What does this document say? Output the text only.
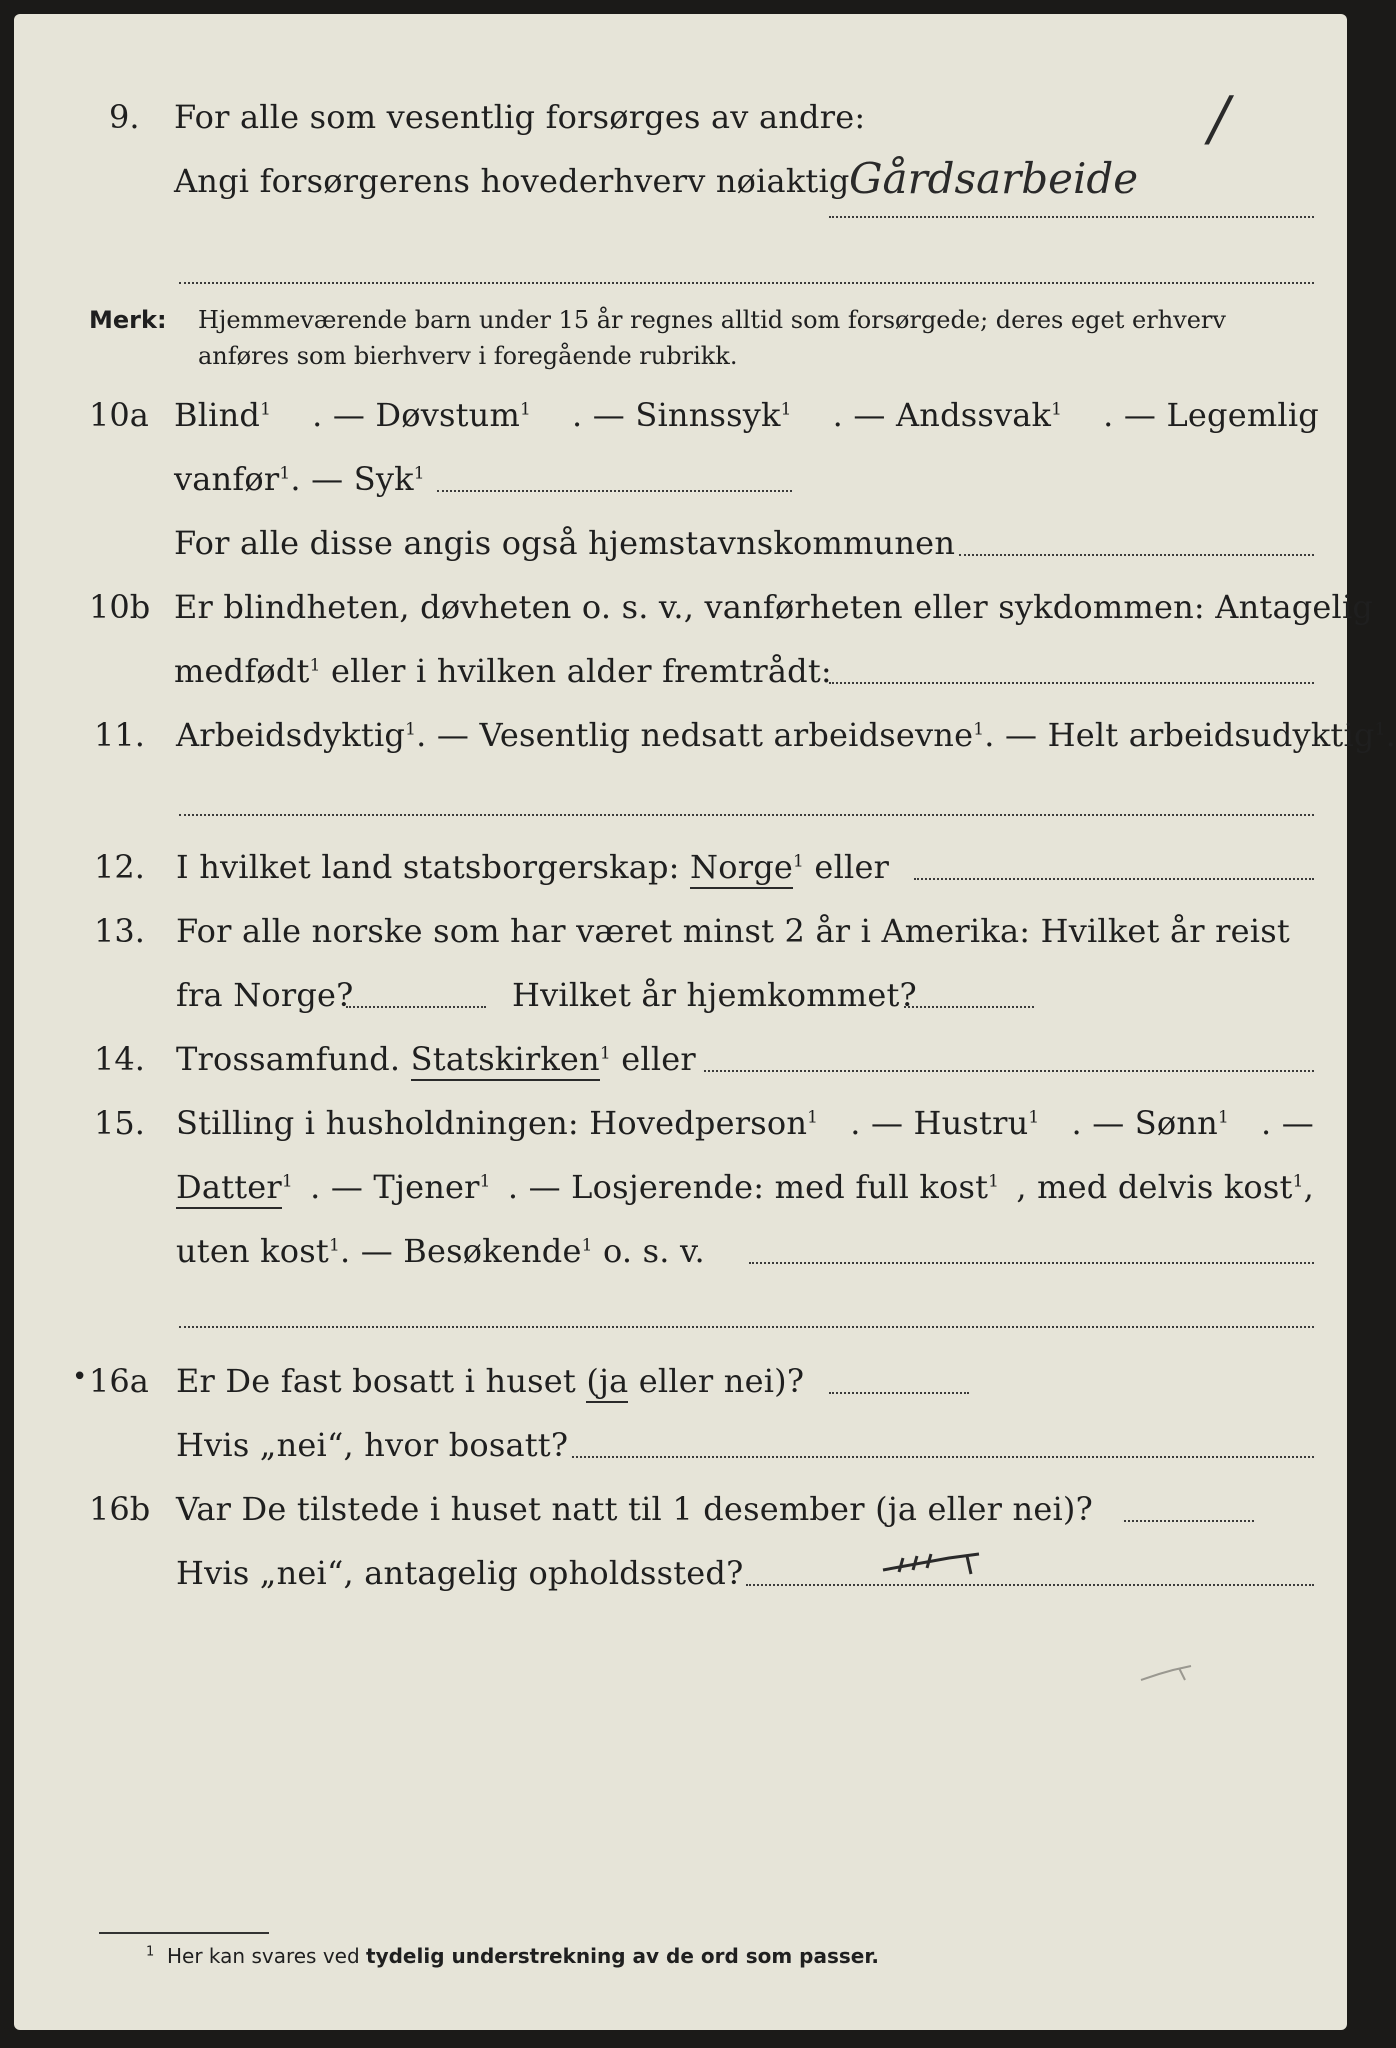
9. For alle som vesentlig forsørges av andre:	/
Angi forsørgerens hovederhverv nøiaktig Gårdsarbeide
Merk: Hjemmeværende barn under 15 år regnes alltid som forsørgede; deres eget erhverv
anføres som bierhverv i foregående rubrikk.
10a Blind$^1$ . — Døvstum$^1$ . — Sinnssyk$^1$ . — Andssvak$^1$ . — Legemlig
vanfør$^1$. — Syk$^1$
For alle disse angis også hjemstavnskommunen
10b Er blindheten, døvheten o. s. v., vanførheten eller sykdommen: Antagelig
medfødt$^1$ eller i hvilken alder fremtrådt:
11. Arbeidsdyktig$^1$. — Vesentlig nedsatt arbeidsevne$^1$. — Helt arbeidsudyktig$^1$.
12. I hvilket land statsborgerskap: Norge$^1$ eller
13. For alle norske som har været minst 2 år i Amerika: Hvilket år reist
fra Norge?	Hvilket år hjemkommet?
14. Trossamfund. Statskirken$^1$ eller
15. Stilling i husholdningen: Hovedperson$^1$ . — Hustru$^1$ . — Sønn$^1$ . —
Datter$^1$ . — Tjener$^1$ . — Losjerende: med full kost$^1$ , med delvis kost$^1$,
uten kost$^1$. — Besøkende$^1$ o. s. v.
• 16a Er De fast bosatt i huset (ja eller nei)?
Hvis „nei“, hvor bosatt?
16b Var De tilstede i huset natt til 1 desember (ja eller nei)?
Hvis „nei“, antagelig opholdssted?
$^1$ Her kan svares ved tydelig understrekning av de ord som passer.
